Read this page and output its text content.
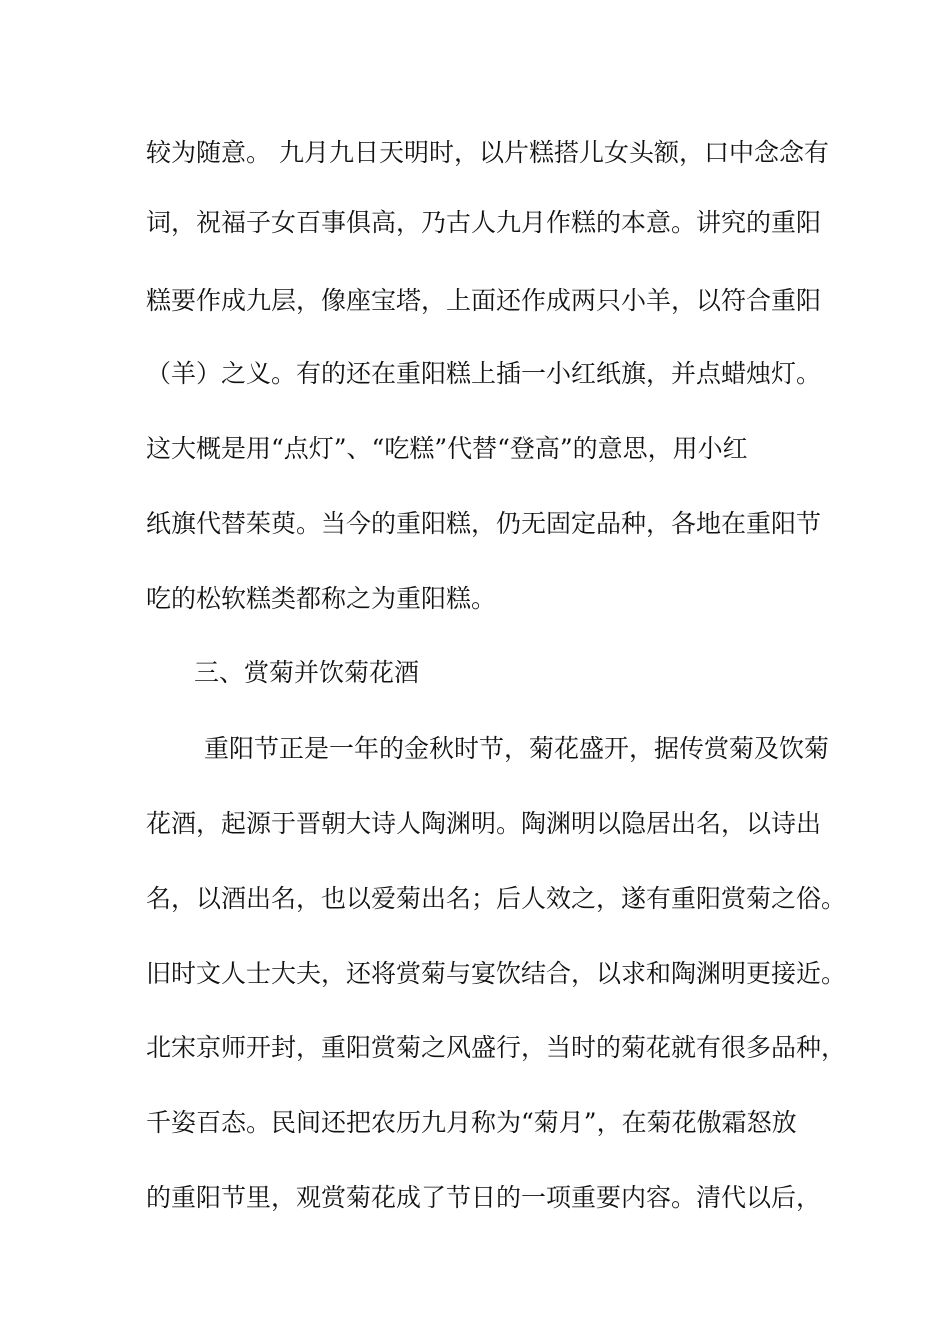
较为随意。 九月九日天明时，以片糕搭儿女头额，口中念念有
词，祝福子女百事俱高，乃古人九月作糕的本意。讲究的重阳
糕要作成九层，像座宝塔，上面还作成两只小羊，以符合重阳
（羊）之义。有的还在重阳糕上插一小红纸旗，并点蜡烛灯。
这大概是用“点灯”、“吃糕”代替“登高”的意思，用小红
纸旗代替茱萸。当今的重阳糕，仍无固定品种，各地在重阳节
吃的松软糕类都称之为重阳糕。
三、赏菊并饮菊花酒
重阳节正是一年的金秋时节，菊花盛开，据传赏菊及饮菊
花酒，起源于晋朝大诗人陶渊明。陶渊明以隐居出名，以诗出
名，以酒出名，也以爱菊出名；后人效之，遂有重阳赏菊之俗。
旧时文人士大夫，还将赏菊与宴饮结合，以求和陶渊明更接近。
北宋京师开封，重阳赏菊之风盛行，当时的菊花就有很多品种，
千姿百态。民间还把农历九月称为“菊月”，在菊花傲霜怒放
的重阳节里，观赏菊花成了节日的一项重要内容。清代以后，
